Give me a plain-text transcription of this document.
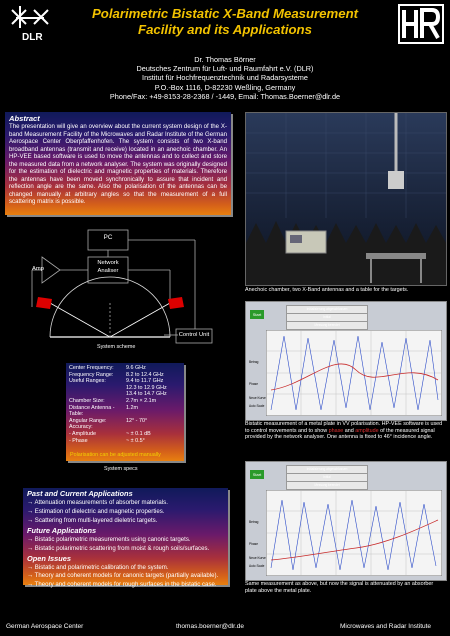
DLR
Polarimetric Bistatic X-Band Measurement
Facility and its Applications
Dr. Thomas Börner
Deutsches Zentrum für Luft- und Raumfahrt e.V. (DLR)
Institut für Hochfrequenztechnik und Radarsysteme
P.O.-Box 1116, D-82230 Weßling, Germany
Phone/Fax: +49-8153-28-2368 / -1449, Email: Thomas.Boerner@dlr.de
Abstract
The presentation will give an overview about the current system design of the X-band Measurement Facility of the Microwaves and Radar Institute of the German Aerospace Center Oberpfaffenhofen. The system consists of two X-band broadband antennas (transmit and receive) located in an anechoic chamber. An HP-VEE based software is used to move the antennas and to collect and store the measured data from a network analyser. The system was originally designed for the estimation of dielectric and magnetic properties of materials. Therefore the antennas have been moved synchronically to assure that incident and reflection angle are the same. Also the polarisation of the antennas can be changed manually at arbitrary angles so that the measurement of a full scattering matrix is possible.
PC
Network
Analiser
Amp
Control Unit
System scheme
Center Frequency:	9.6 GHz
Frequency Range:	8.2 to 12.4 GHz

Useful Ranges:	9.4 to 11.7 GHz
	12.3 to 12.9 GHz
	13.4 to 14.7 GHz

Chamber Size:	2.7m × 2.1m
Distance Antenna - Table:	1.2m
Angular Range:	12° - 70°
Accuracy:	
- Amplitude	~ ± 0.1 dB
- Phase	~ ± 0.5°
Polarisation can be adjusted manually
System specs
Past and Current Applications
→ Attenuation measurements of absorber materials.
→ Estimation of dielectric and magnetic properties.
→ Scattering from multi-layered dieletric targets.
Future Applications
→ Bistatic polarimetric measurements using canonic targets.
→ Bistatic polarimetric scattering from moist & rough soils/surfaces.
Open Issues
→ Bistatic and polarimetric calibration of the system.
→ Theory and coherent models for canonic targets (partially available).
→ Theory and coherent models for rough surfaces in the bistatic case.
Anechoic chamber, two X-Band antennas and a table for the targets.
Start
Initialisierung abgeschlossen
Initial
Messung beendet
Betrag
Phase
Neue Kurve
Auto Scale
Bistatic measurement of a metal plate in VV polarisation. HP-VEE software is used to control movements and to show phase and amplitude of the measured signal provided by the network analyser. One antenna is fixed to 46° incidence angle.
Start
Initialisierung abgeschlossen
Initial
Messung beendet
Betrag
Phase
Neue Kurve
Auto Scale
Same measurement as above, but now the signal is attenuated by an absorber plate above the metal plate.
German Aerospace Center	thomas.boerner@dlr.de	Microwaves and Radar Institute
